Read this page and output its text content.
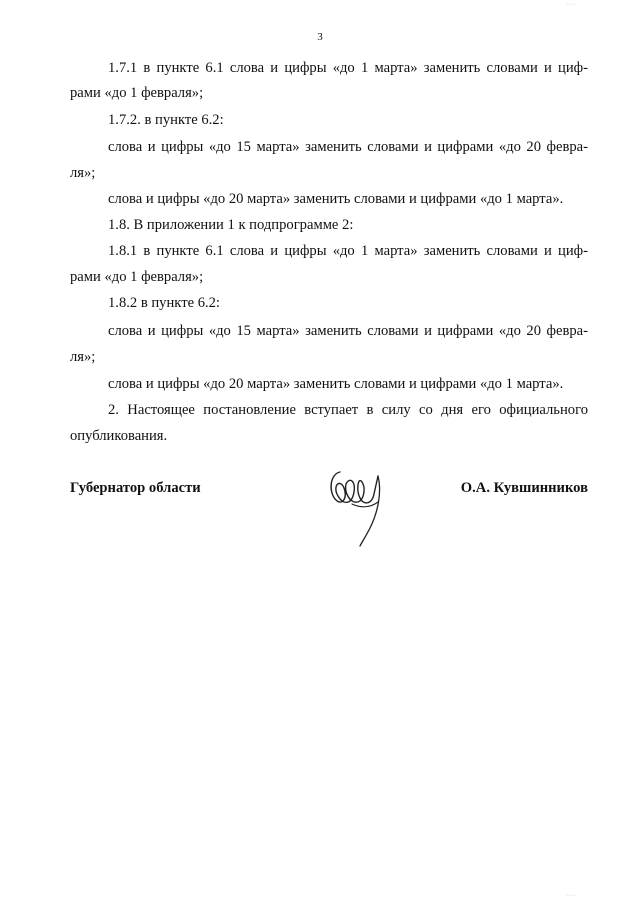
3

1.7.1 в пункте 6.1 слова и цифры «до 1 марта» заменить словами и циф-

рами «до 1 февраля»;

1.7.2. в пункте 6.2:

слова и цифры «до 15 марта» заменить словами и цифрами «до 20 февра-

ля»;

слова и цифры «до 20 марта» заменить словами и цифрами «до 1 марта».

1.8. В приложении 1 к подпрограмме 2:

1.8.1 в пункте 6.1 слова и цифры «до 1 марта» заменить словами и циф-

рами «до 1 февраля»;

1.8.2 в пункте 6.2:

слова и цифры «до 15 марта» заменить словами и цифрами «до 20 февра-

ля»;

слова и цифры «до 20 марта» заменить словами и цифрами «до 1 марта».

2. Настоящее постановление вступает в силу со дня его официального

опубликования.

Губернатор области	О.А. Кувшинников
··· ·
··· ·
